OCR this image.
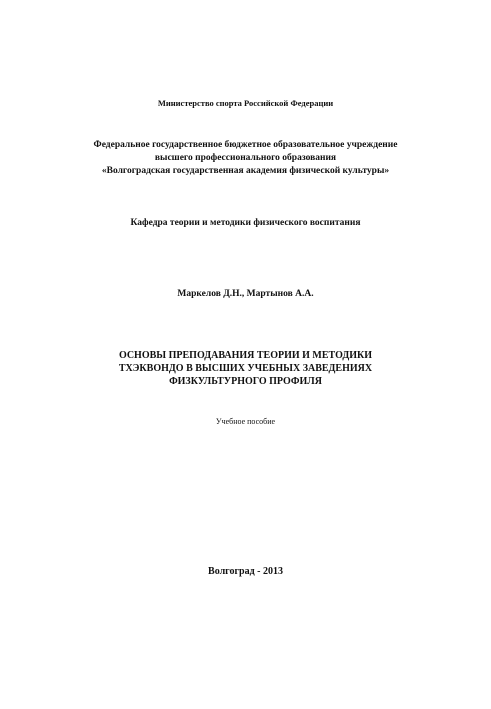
Министерство спорта Российской Федерации
Федеральное государственное бюджетное образовательное учреждение
высшего профессионального образования
«Волгоградская государственная академия физической культуры»
Кафедра теории и методики физического воспитания
Маркелов Д.Н., Мартынов А.А.
ОСНОВЫ ПРЕПОДАВАНИЯ ТЕОРИИ И МЕТОДИКИ
ТХЭКВОНДО В ВЫСШИХ УЧЕБНЫХ ЗАВЕДЕНИЯХ
ФИЗКУЛЬТУРНОГО ПРОФИЛЯ
Учебное пособие
Волгоград - 2013
